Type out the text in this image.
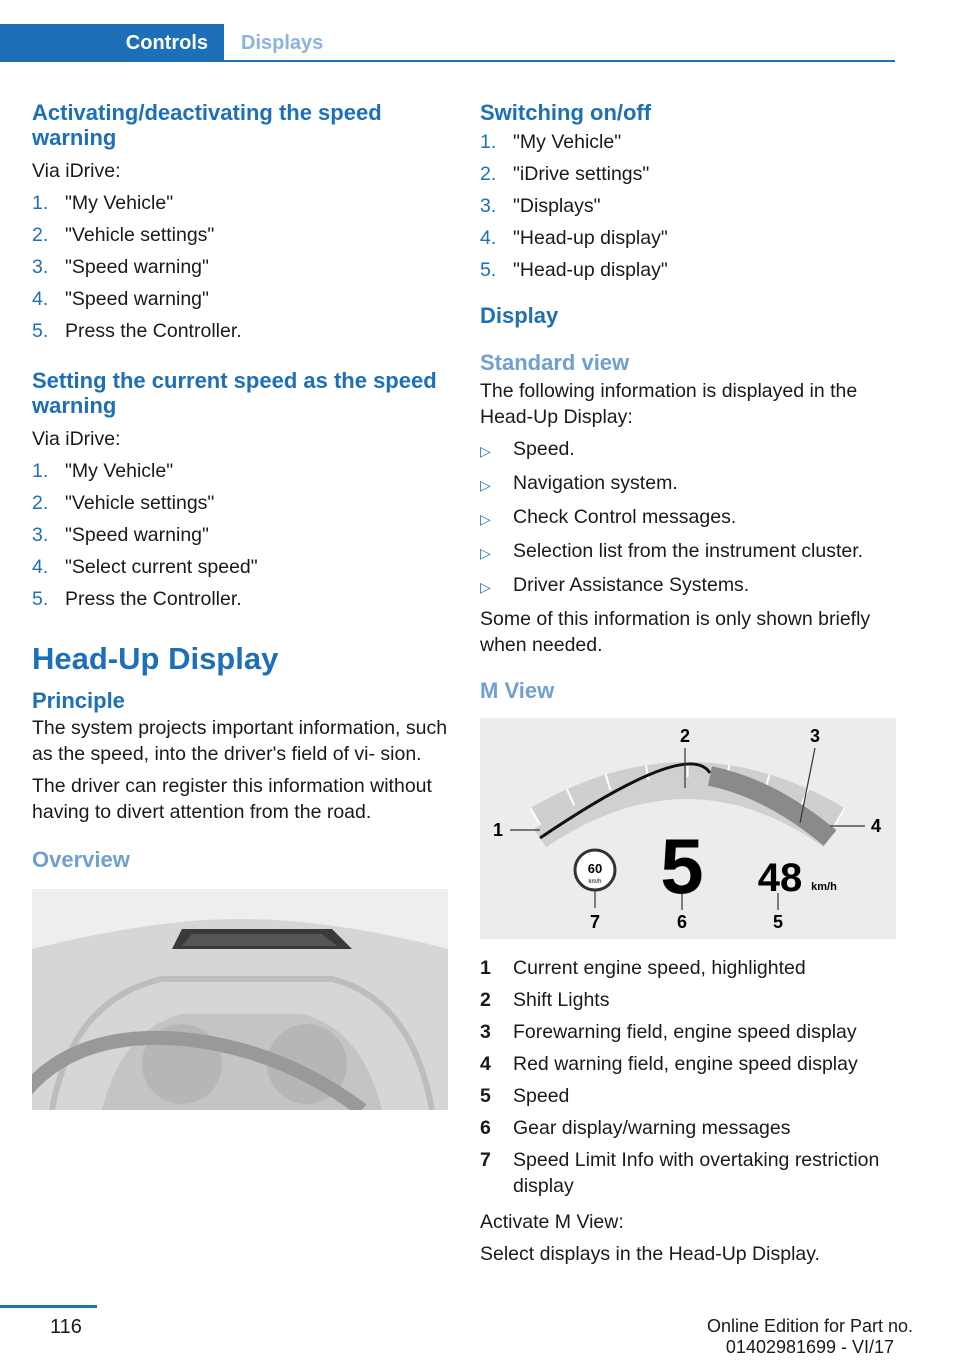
Controls	Displays
Activating/deactivating the speed warning
Via iDrive:
1. "My Vehicle"
2. "Vehicle settings"
3. "Speed warning"
4. "Speed warning"
5. Press the Controller.
Setting the current speed as the speed warning
Via iDrive:
1. "My Vehicle"
2. "Vehicle settings"
3. "Speed warning"
4. "Select current speed"
5. Press the Controller.
Head-Up Display
Principle
The system projects important information, such as the speed, into the driver's field of vi‐ sion.
The driver can register this information without having to divert attention from the road.
Overview
Switching on/off
1. "My Vehicle"
2. "iDrive settings"
3. "Displays"
4. "Head-up display"
5. "Head-up display"
Display
Standard view
The following information is displayed in the Head-Up Display:
▷	Speed.
▷	Navigation system.
▷	Check Control messages.
▷	Selection list from the instrument cluster.
▷	Driver Assistance Systems.
Some of this information is only shown briefly when needed.
M View
60
km/h 5 48 km/h
1
2	3
4
5
6
7
1	Current engine speed, highlighted
2	Shift Lights
3	Forewarning field, engine speed display
4	Red warning field, engine speed display
5	Speed
6	Gear display/warning messages
7	Speed Limit Info with overtaking restriction display
Activate M View:
Select displays in the Head-Up Display.
116	Online Edition for Part no. 01402981699 - VI/17
